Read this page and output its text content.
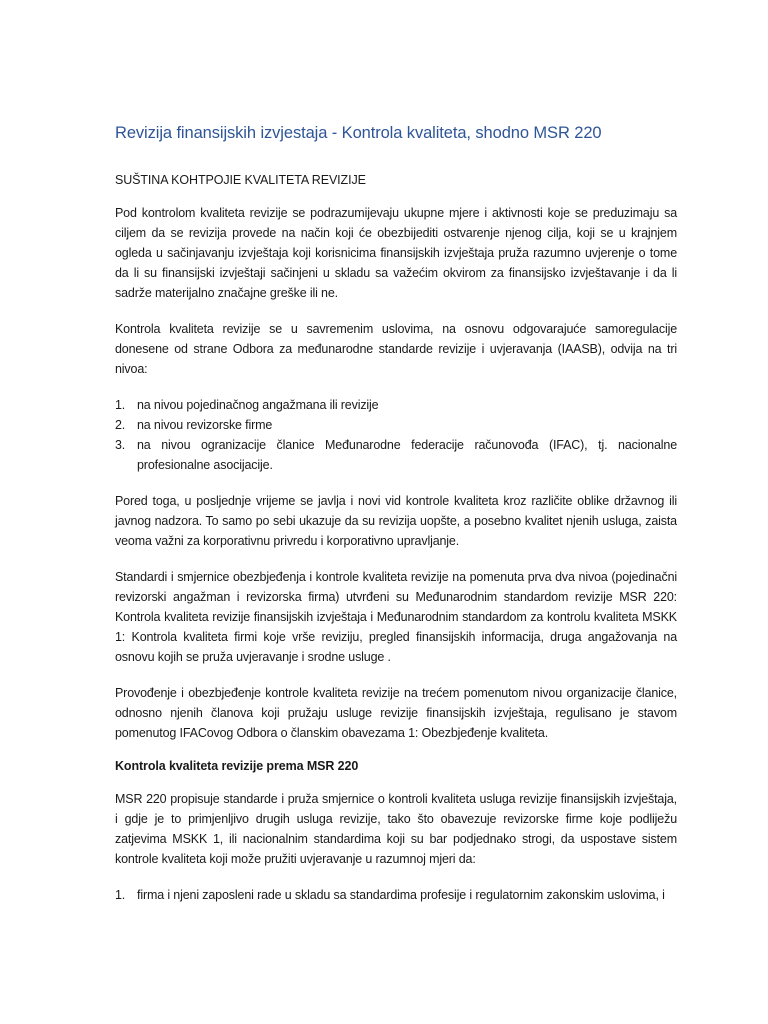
Revizija finansijskih izvjestaja - Kontrola kvaliteta, shodno MSR 220
SUŠTINA KOHTPOJIE KVALITETA REVIZIJE

Pod kontrolom kvaliteta revizije se podrazumijevaju ukupne mjere i aktivnosti koje se preduzimaju sa ciljem da se revizija provede na način koji će obezbijediti ostvarenje njenog cilja, koji se u krajnjem ogleda u sačinjavanju izvještaja koji korisnicima finansijskih izvještaja pruža razumno uvjerenje o tome da li su finansijski izvještaji sačinjeni u skladu sa važećim okvirom za finansijsko izvještavanje i da li sadrže materijalno značajne greške ili ne.

Kontrola kvaliteta revizije se u savremenim uslovima, na osnovu odgovarajuće samoregulacije donesene od strane Odbora za međunarodne standarde revizije i uvjeravanja (IAASB), odvija na tri nivoa:

1. na nivou pojedinačnog angažmana ili revizije
2. na nivou revizorske firme
3. na nivou ogranizacije članice Međunarodne federacije računovođa (IFAC), tj. nacionalne profesionalne asocijacije.

Pored toga, u posljednje vrijeme se javlja i novi vid kontrole kvaliteta kroz različite oblike državnog ili javnog nadzora. To samo po sebi ukazuje da su revizija uopšte, a posebno kvalitet njenih usluga, zaista veoma važni za korporativnu privredu i korporativno upravljanje.

Standardi i smjernice obezbjeđenja i kontrole kvaliteta revizije na pomenuta prva dva nivoa (pojedinačni revizorski angažman i revizorska firma) utvrđeni su Međunarodnim standardom revizije MSR 220: Kontrola kvaliteta revizije finansijskih izvještaja i Međunarodnim standardom za kontrolu kvaliteta MSKK 1: Kontrola kvaliteta firmi koje vrše reviziju, pregled finansijskih informacija, druga angažovanja na osnovu kojih se pruža uvjeravanje i srodne usluge .

Provođenje i obezbjeđenje kontrole kvaliteta revizije na trećem pomenutom nivou organizacije članice, odnosno njenih članova koji pružaju usluge revizije finansijskih izvještaja, regulisano je stavom pomenutog IFACovog Odbora o članskim obavezama 1: Obezbjeđenje kvaliteta.

Kontrola kvaliteta revizije prema MSR 220

MSR 220 propisuje standarde i pruža smjernice o kontroli kvaliteta usluga revizije finansijskih izvještaja, i gdje je to primjenljivo drugih usluga revizije, tako što obavezuje revizorske firme koje podliježu zatjevima MSKK 1, ili nacionalnim standardima koji su bar podjednako strogi, da uspostave sistem kontrole kvaliteta koji može pružiti uvjeravanje u razumnoj mjeri da:

1. firma i njeni zaposleni rade u skladu sa standardima profesije i regulatornim zakonskim uslovima, i
